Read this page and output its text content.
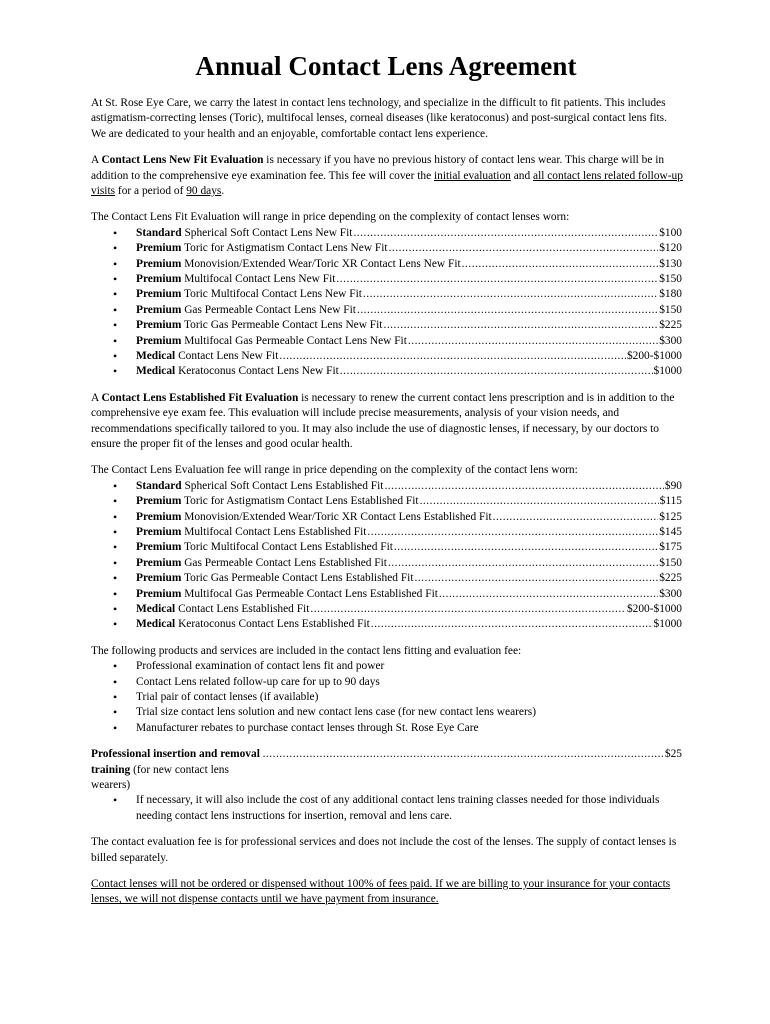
Annual Contact Lens Agreement

At St. Rose Eye Care, we carry the latest in contact lens technology, and specialize in the difficult to fit patients. This includes astigmatism-correcting lenses (Toric), multifocal lenses, corneal diseases (like keratoconus) and post-surgical contact lens fits. We are dedicated to your health and an enjoyable, comfortable contact lens experience.

A Contact Lens New Fit Evaluation is necessary if you have no previous history of contact lens wear. This charge will be in addition to the comprehensive eye examination fee. This fee will cover the initial evaluation and all contact lens related follow-up visits for a period of 90 days.

The Contact Lens Fit Evaluation will range in price depending on the complexity of contact lenses worn:

• Standard Spherical Soft Contact Lens New Fit .....	$100
• Premium Toric for Astigmatism Contact Lens New Fit .....	$120
• Premium Monovision/Extended Wear/Toric XR Contact Lens New Fit .....	$130
• Premium Multifocal Contact Lens New Fit .....	$150
• Premium Toric Multifocal Contact Lens New Fit .....	$180
• Premium Gas Permeable Contact Lens New Fit .....	$150
• Premium Toric Gas Permeable Contact Lens New Fit .....	$225
• Premium Multifocal Gas Permeable Contact Lens New Fit .....	$300
• Medical Contact Lens New Fit .....	$200-$1000
• Medical Keratoconus Contact Lens New Fit .....	$1000

A Contact Lens Established Fit Evaluation is necessary to renew the current contact lens prescription and is in addition to the comprehensive eye exam fee. This evaluation will include precise measurements, analysis of your vision needs, and recommendations specifically tailored to you. It may also include the use of diagnostic lenses, if necessary, by our doctors to ensure the proper fit of the lenses and good ocular health.

The Contact Lens Evaluation fee will range in price depending on the complexity of the contact lens worn:

• Standard Spherical Soft Contact Lens Established Fit .....	$90
• Premium Toric for Astigmatism Contact Lens Established Fit .....	$115
• Premium Monovision/Extended Wear/Toric XR Contact Lens Established Fit .....	$125
• Premium Multifocal Contact Lens Established Fit .....	$145
• Premium Toric Multifocal Contact Lens Established Fit .....	$175
• Premium Gas Permeable Contact Lens Established Fit .....	$150
• Premium Toric Gas Permeable Contact Lens Established Fit .....	$225
• Premium Multifocal Gas Permeable Contact Lens Established Fit .....	$300
• Medical Contact Lens Established Fit .....	$200-$1000
• Medical Keratoconus Contact Lens Established Fit .....	$1000

The following products and services are included in the contact lens fitting and evaluation fee:

• Professional examination of contact lens fit and power
• Contact Lens related follow-up care for up to 90 days
• Trial pair of contact lenses (if available)
• Trial size contact lens solution and new contact lens case (for new contact lens wearers)
• Manufacturer rebates to purchase contact lenses through St. Rose Eye Care
Professional insertion and removal training (for new contact lens wearers)
.....
$25
• If necessary, it will also include the cost of any additional contact lens training classes needed for those individuals needing contact lens instructions for insertion, removal and lens care.

The contact evaluation fee is for professional services and does not include the cost of the lenses. The supply of contact lenses is billed separately.

Contact lenses will not be ordered or dispensed without 100% of fees paid. If we are billing to your insurance for your contacts lenses, we will not dispense contacts until we have payment from insurance.
